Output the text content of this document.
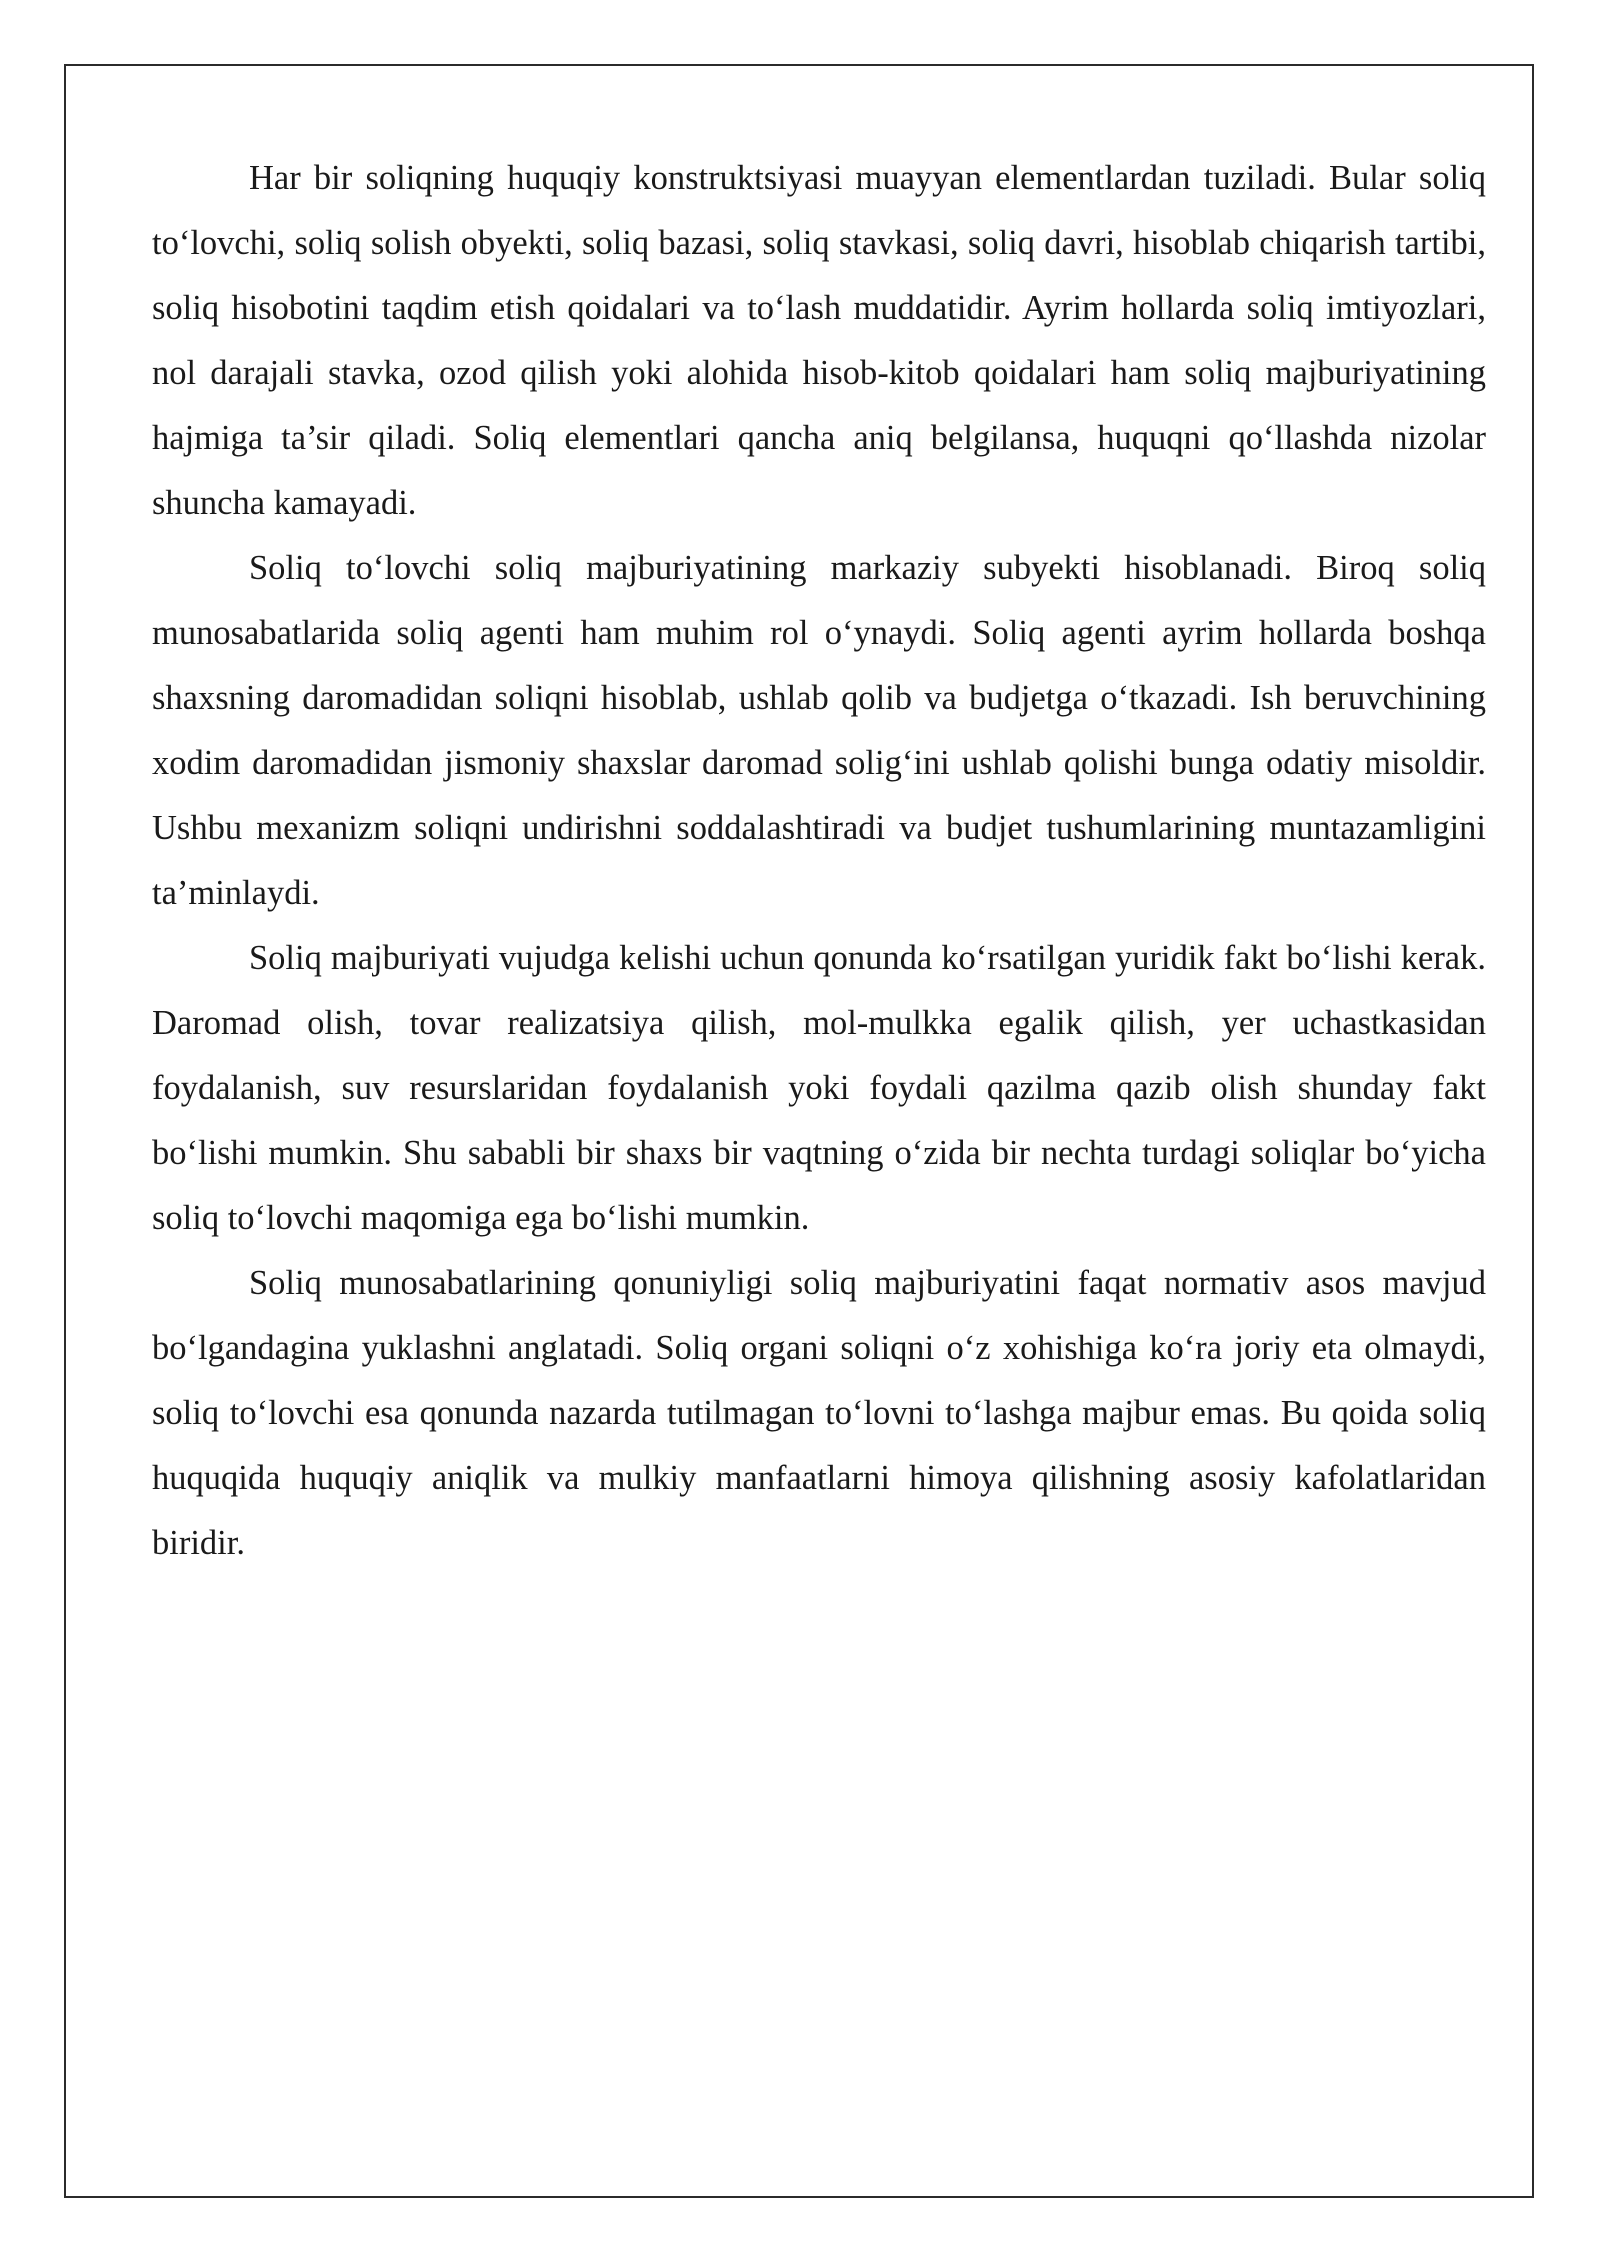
Har bir soliqning huquqiy konstruktsiyasi muayyan elementlardan tuziladi. Bular soliq to‘lovchi, soliq solish obyekti, soliq bazasi, soliq stavkasi, soliq davri, hisoblab chiqarish tartibi, soliq hisobotini taqdim etish qoidalari va to‘lash muddatidir. Ayrim hollarda soliq imtiyozlari, nol darajali stavka, ozod qilish yoki alohida hisob-kitob qoidalari ham soliq majburiyatining hajmiga ta’sir qiladi. Soliq elementlari qancha aniq belgilansa, huquqni qo‘llashda nizolar shuncha kamayadi.

Soliq to‘lovchi soliq majburiyatining markaziy subyekti hisoblanadi. Biroq soliq munosabatlarida soliq agenti ham muhim rol o‘ynaydi. Soliq agenti ayrim hollarda boshqa shaxsning daromadidan soliqni hisoblab, ushlab qolib va budjetga o‘tkazadi. Ish beruvchining xodim daromadidan jismoniy shaxslar daromad solig‘ini ushlab qolishi bunga odatiy misoldir. Ushbu mexanizm soliqni undirishni soddalashtiradi va budjet tushumlarining muntazamligini ta’minlaydi.

Soliq majburiyati vujudga kelishi uchun qonunda ko‘rsatilgan yuridik fakt bo‘lishi kerak. Daromad olish, tovar realizatsiya qilish, mol-mulkka egalik qilish, yer uchastkasidan foydalanish, suv resurslaridan foydalanish yoki foydali qazilma qazib olish shunday fakt bo‘lishi mumkin. Shu sababli bir shaxs bir vaqtning o‘zida bir nechta turdagi soliqlar bo‘yicha soliq to‘lovchi maqomiga ega bo‘lishi mumkin.

Soliq munosabatlarining qonuniyligi soliq majburiyatini faqat normativ asos mavjud bo‘lgandagina yuklashni anglatadi. Soliq organi soliqni o‘z xohishiga ko‘ra joriy eta olmaydi, soliq to‘lovchi esa qonunda nazarda tutilmagan to‘lovni to‘lashga majbur emas. Bu qoida soliq huquqida huquqiy aniqlik va mulkiy manfaatlarni himoya qilishning asosiy kafolatlaridan biridir.
